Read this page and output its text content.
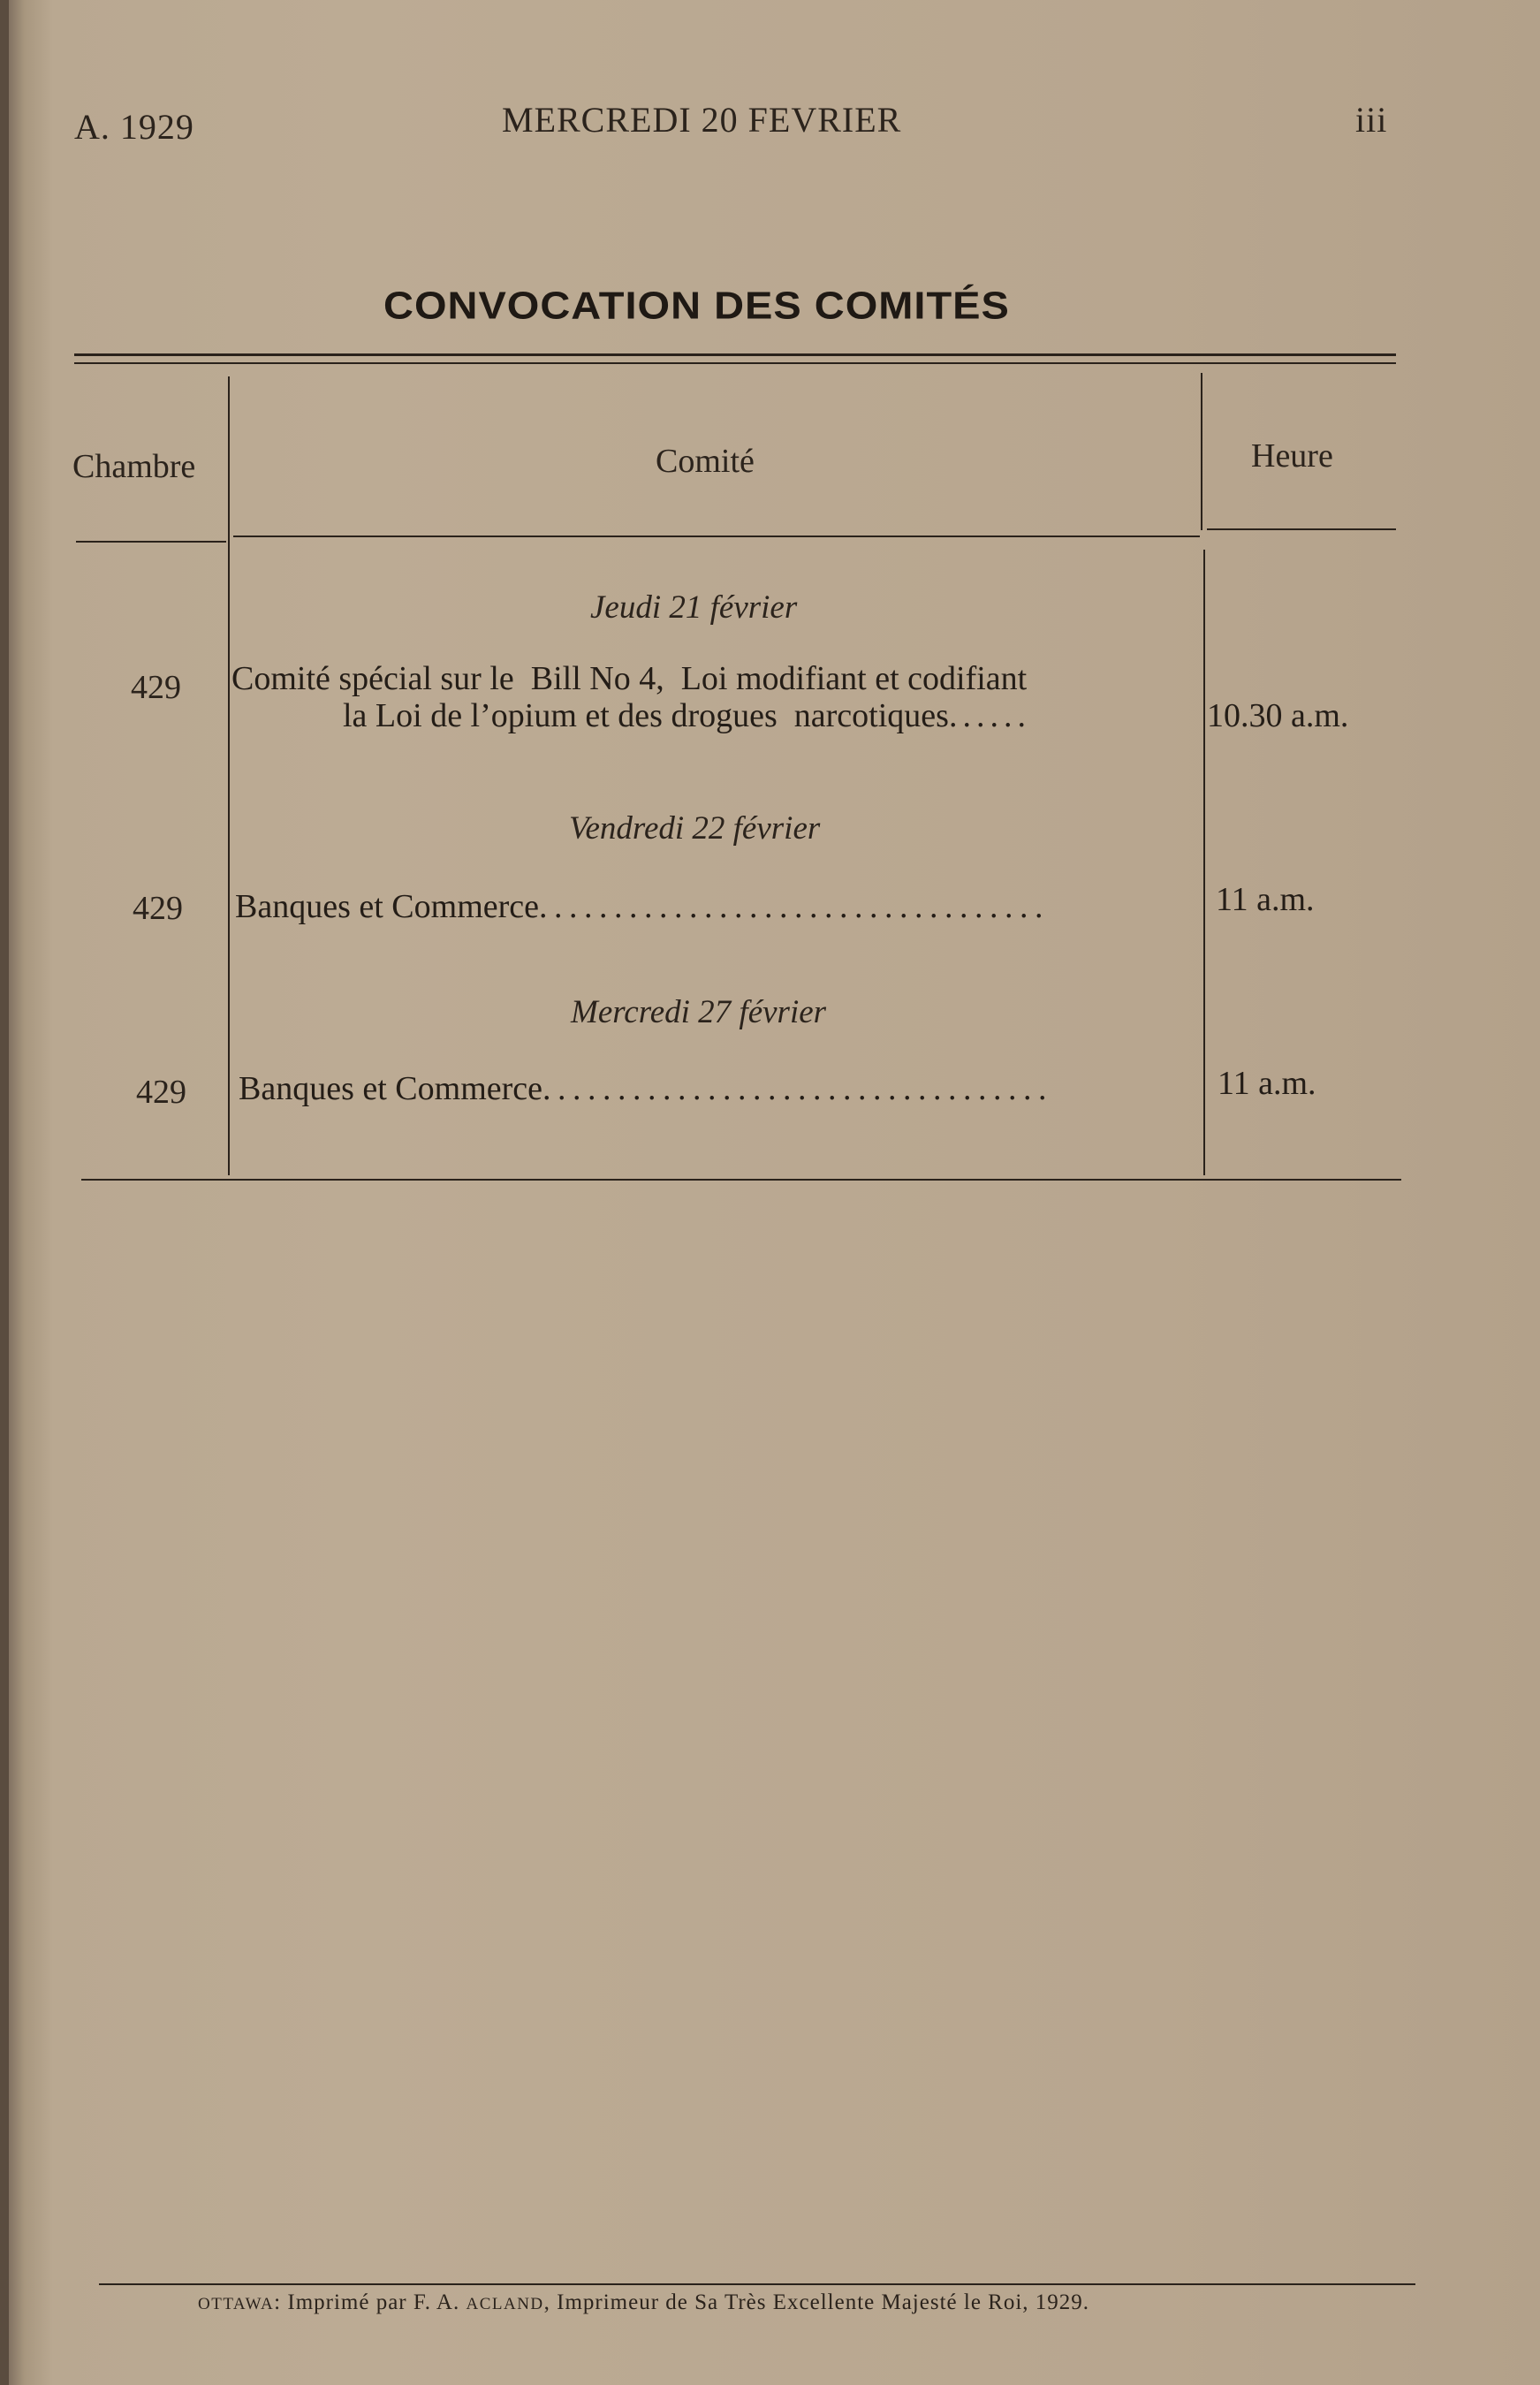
A. 1929	MERCREDI 20 FEVRIER	iii
CONVOCATION DES COMITÉS
Chambre	Comité	Heure
Jeudi 21 février
429 Comité spécial sur le  Bill No 4,  Loi modifiant et codifiant
la Loi de l’opium et des drogues  narcotiques......	10.30 a.m.
Vendredi 22 février
429 Banques et Commerce..................................	11 a.m.
Mercredi 27 février
429 Banques et Commerce..................................	11 a.m.
OTTAWA: Imprimé par F. A. ACLAND, Imprimeur de Sa Très Excellente Majesté le Roi, 1929.
